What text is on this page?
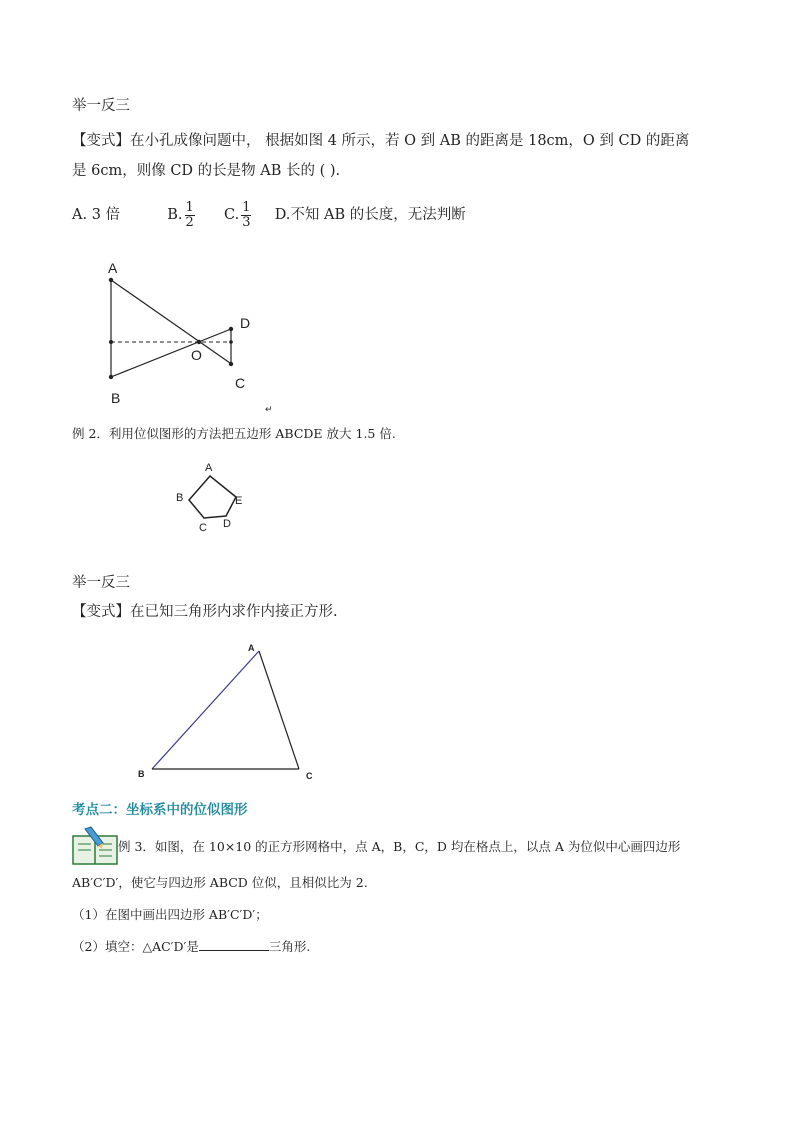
举一反三
【变式】在小孔成像问题中， 根据如图 4 所示，若 O 到 AB 的距离是 18cm，O 到 CD 的距离
是 6cm，则像 CD 的长是物 AB 长的 ( ).
A. 3 倍	B. $\frac{1}{2} C$. $\frac{1}{3} D$.不知 AB 的长度，无法判断
A
B
C
D
O
↵
例 2．利用位似图形的方法把五边形 ABCDE 放大 1.5 倍.
A
B
C D
E
举一反三
【变式】在已知三角形内求作内接正方形.
A
B	C
考点二：坐标系中的位似图形
例 3．如图，在 10×10 的正方形网格中，点 A，B，C，D 均在格点上，以点 A 为位似中心画四边形
AB′C′D′，使它与四边形 ABCD 位似，且相似比为 2.
（1）在图中画出四边形 AB′C′D′；
（2）填空：△AC′D′是	三角形.
